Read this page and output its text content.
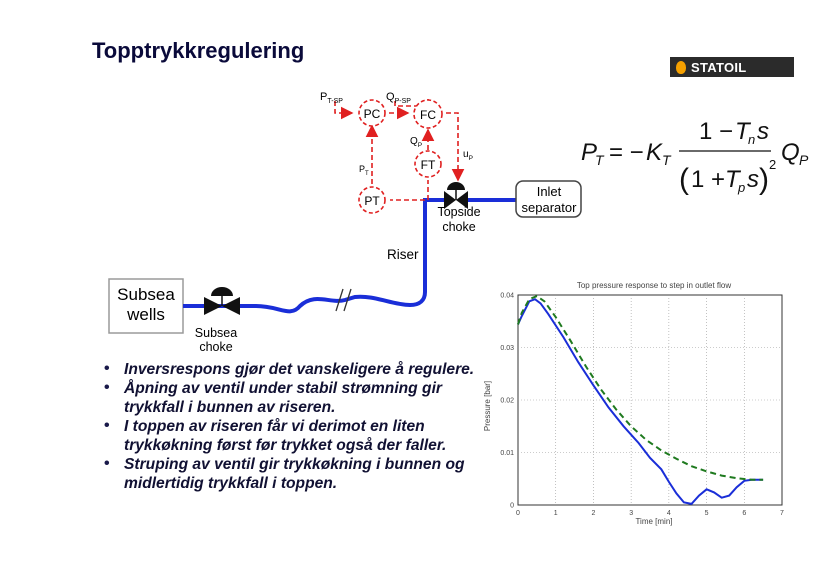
Topptrykkregulering
STATOIL
Subsea
wells
Subsea
choke
Riser
Topside
choke
Inlet
separator
PC	FC
FT
PT
$P_{T-SP}$	$Q_{P-SP}$
$Q_P$
$u_P$
$P_T$
P
T = − K T
1 − T
n s
( 1 + T
p s ) 2 Q P
• Inversrespons gjør det vanskeligere å regulere.
• Åpning av ventil under stabil strømning gir trykkfall i bunnen av riseren.
• I toppen av riseren får vi derimot en liten trykkøkning først før trykket også der faller.
• Struping av ventil gir trykkøkning i bunnen og midlertidig trykkfall i toppen.
Top pressure response to step in outlet flow
Time [min]
Pressure [bar]
0	1	2	3	4	5	6	7
0
0.01
0.02
0.03
0.04
